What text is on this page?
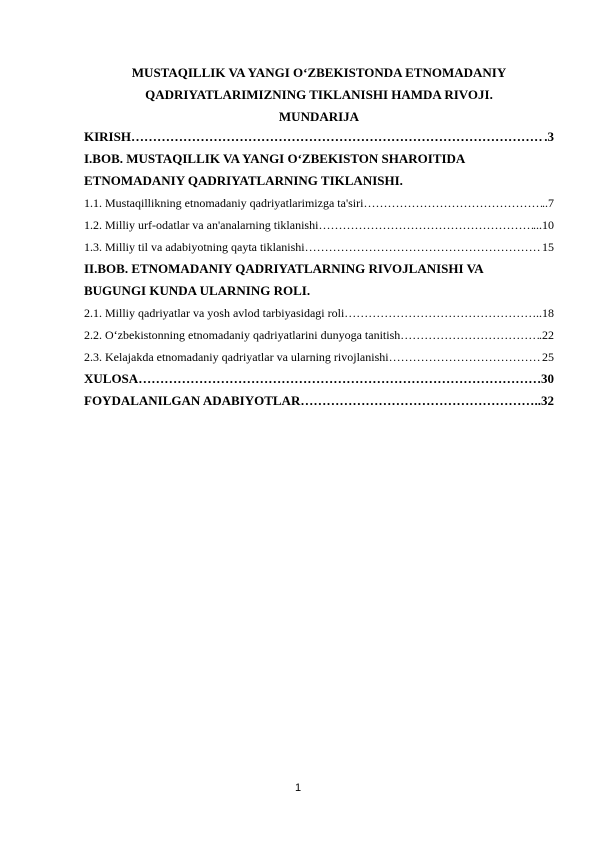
MUSTAQILLIK VA YANGI O‘ZBEKISTONDA ETNOMADANIY
QADRIYATLARIMIZNING TIKLANISHI HAMDA RIVOJI.
MUNDARIJA
KIRISH ……………………………………………………………………………………………………………………………………………………………………	.3
I.BOB. MUSTAQILLIK VA YANGI O‘ZBEKISTON SHAROITIDA
ETNOMADANIY QADRIYATLARNING TIKLANISHI.
1.1. Mustaqillikning etnomadaniy qadriyatlarimizga ta'siri ……………………………………………………………………………………………………………………………………………………………………	..7
1.2. Milliy urf-odatlar va an'analarning tiklanishi ……………………………………………………………………………………………………………………………………………………………………	...10
1.3. Milliy til va adabiyotning qayta tiklanishi ……………………………………………………………………………………………………………………………………………………………………	15
II.BOB. ETNOMADANIY QADRIYATLARNING RIVOJLANISHI VA
BUGUNGI KUNDA ULARNING ROLI.
2.1. Milliy qadriyatlar va yosh avlod tarbiyasidagi roli ……………………………………………………………………………………………………………………………………………………………………	..18
2.2. O‘zbekistonning etnomadaniy qadriyatlarini dunyoga tanitish ……………………………………………………………………………………………………………………………………………………………………	.22
2.3. Kelajakda etnomadaniy qadriyatlar va ularning rivojlanishi ……………………………………………………………………………………………………………………………………………………………………	25
XULOSA ……………………………………………………………………………………………………………………………………………………………………	30
FOYDALANILGAN ADABIYOTLAR ……………………………………………………………………………………………………………………………………………………………………	..32
1
